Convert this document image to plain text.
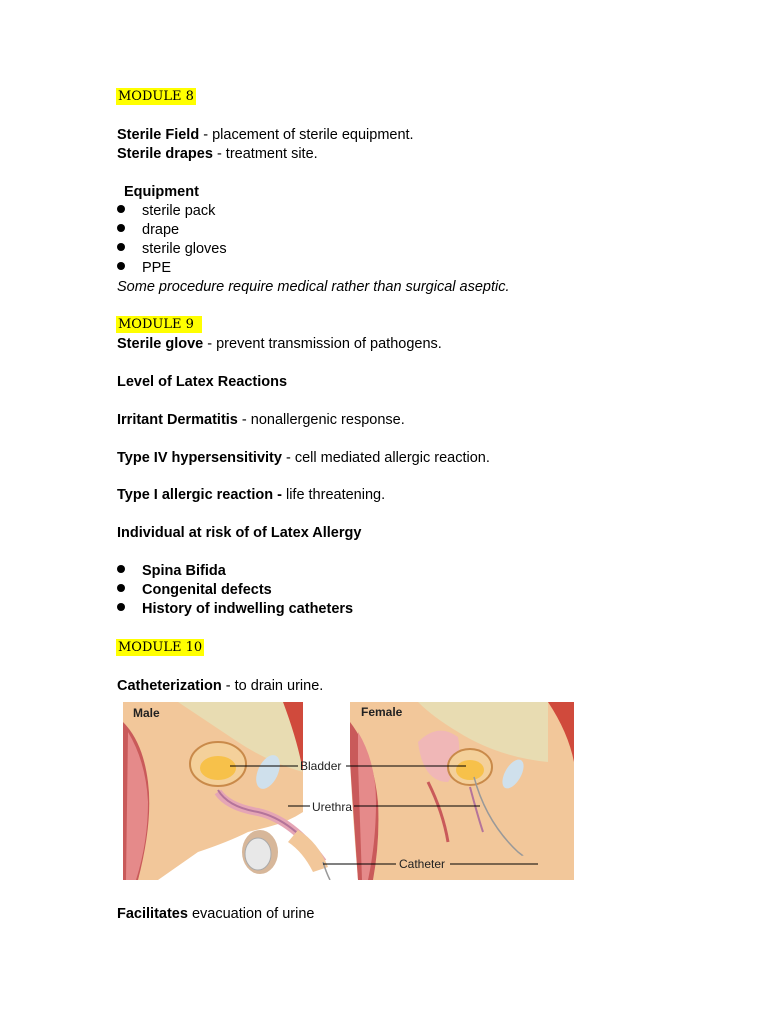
MODULE 8
Sterile Field - placement of sterile equipment.
Sterile drapes - treatment site.
Equipment
sterile pack
drape
sterile gloves
PPE
Some procedure require medical rather than surgical aseptic.
MODULE 9
Sterile glove - prevent transmission of pathogens.
Level of Latex Reactions
Irritant Dermatitis - nonallergenic response.
Type IV hypersensitivity - cell mediated allergic reaction.
Type I allergic reaction - life threatening.
Individual at risk of of Latex Allergy
Spina Bifida
Congenital defects
History of indwelling catheters
MODULE 10
Catheterization - to drain urine.
Male	Female
Bladder
Urethra
Catheter
Facilitates evacuation of urine
